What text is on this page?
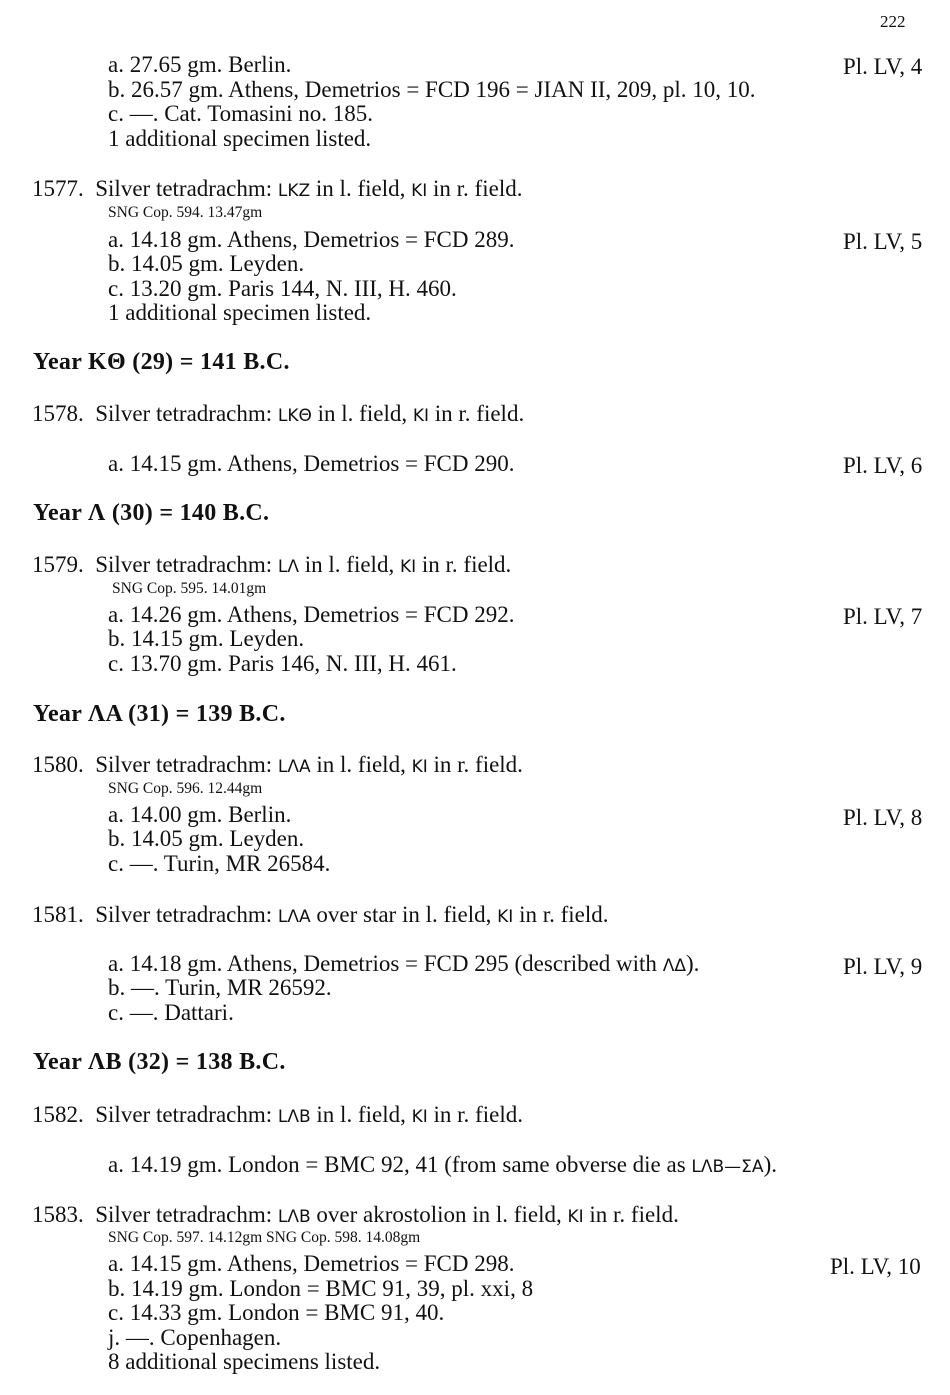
222
a. 27.65 gm. Berlin.	Pl. LV, 4
b. 26.57 gm. Athens, Demetrios = FCD 196 = JIAN II, 209, pl. 10, 10.
c. —. Cat. Tomasini no. 185.
1 additional specimen listed.
1577. Silver tetradrachm: LKZ in l. field, KI in r. field.
SNG Cop. 594. 13.47gm
a. 14.18 gm. Athens, Demetrios = FCD 289.	Pl. LV, 5
b. 14.05 gm. Leyden.
c. 13.20 gm. Paris 144, N. III, H. 460.
1 additional specimen listed.
Year KΘ (29) = 141 B.C.
1578. Silver tetradrachm: LKΘ in l. field, KI in r. field.
a. 14.15 gm. Athens, Demetrios = FCD 290.	Pl. LV, 6
Year Λ (30) = 140 B.C.
1579. Silver tetradrachm: LΛ in l. field, KI in r. field.
SNG Cop. 595. 14.01gm
a. 14.26 gm. Athens, Demetrios = FCD 292.	Pl. LV, 7
b. 14.15 gm. Leyden.
c. 13.70 gm. Paris 146, N. III, H. 461.
Year ΛA (31) = 139 B.C.
1580. Silver tetradrachm: LΛA in l. field, KI in r. field.
SNG Cop. 596. 12.44gm
a. 14.00 gm. Berlin.	Pl. LV, 8
b. 14.05 gm. Leyden.
c. —. Turin, MR 26584.
1581. Silver tetradrachm: LΛA over star in l. field, KI in r. field.
a. 14.18 gm. Athens, Demetrios = FCD 295 (described with ΛΔ).	Pl. LV, 9
b. —. Turin, MR 26592.
c. —. Dattari.
Year ΛB (32) = 138 B.C.
1582. Silver tetradrachm: LΛB in l. field, KI in r. field.
a. 14.19 gm. London = BMC 92, 41 (from same obverse die as LΛB—ΣA).
1583. Silver tetradrachm: LΛB over akrostolion in l. field, KI in r. field.
SNG Cop. 597. 14.12gm SNG Cop. 598. 14.08gm
a. 14.15 gm. Athens, Demetrios = FCD 298.	Pl. LV, 10
b. 14.19 gm. London = BMC 91, 39, pl. xxi, 8
c. 14.33 gm. London = BMC 91, 40.
j. —. Copenhagen.
8 additional specimens listed.
